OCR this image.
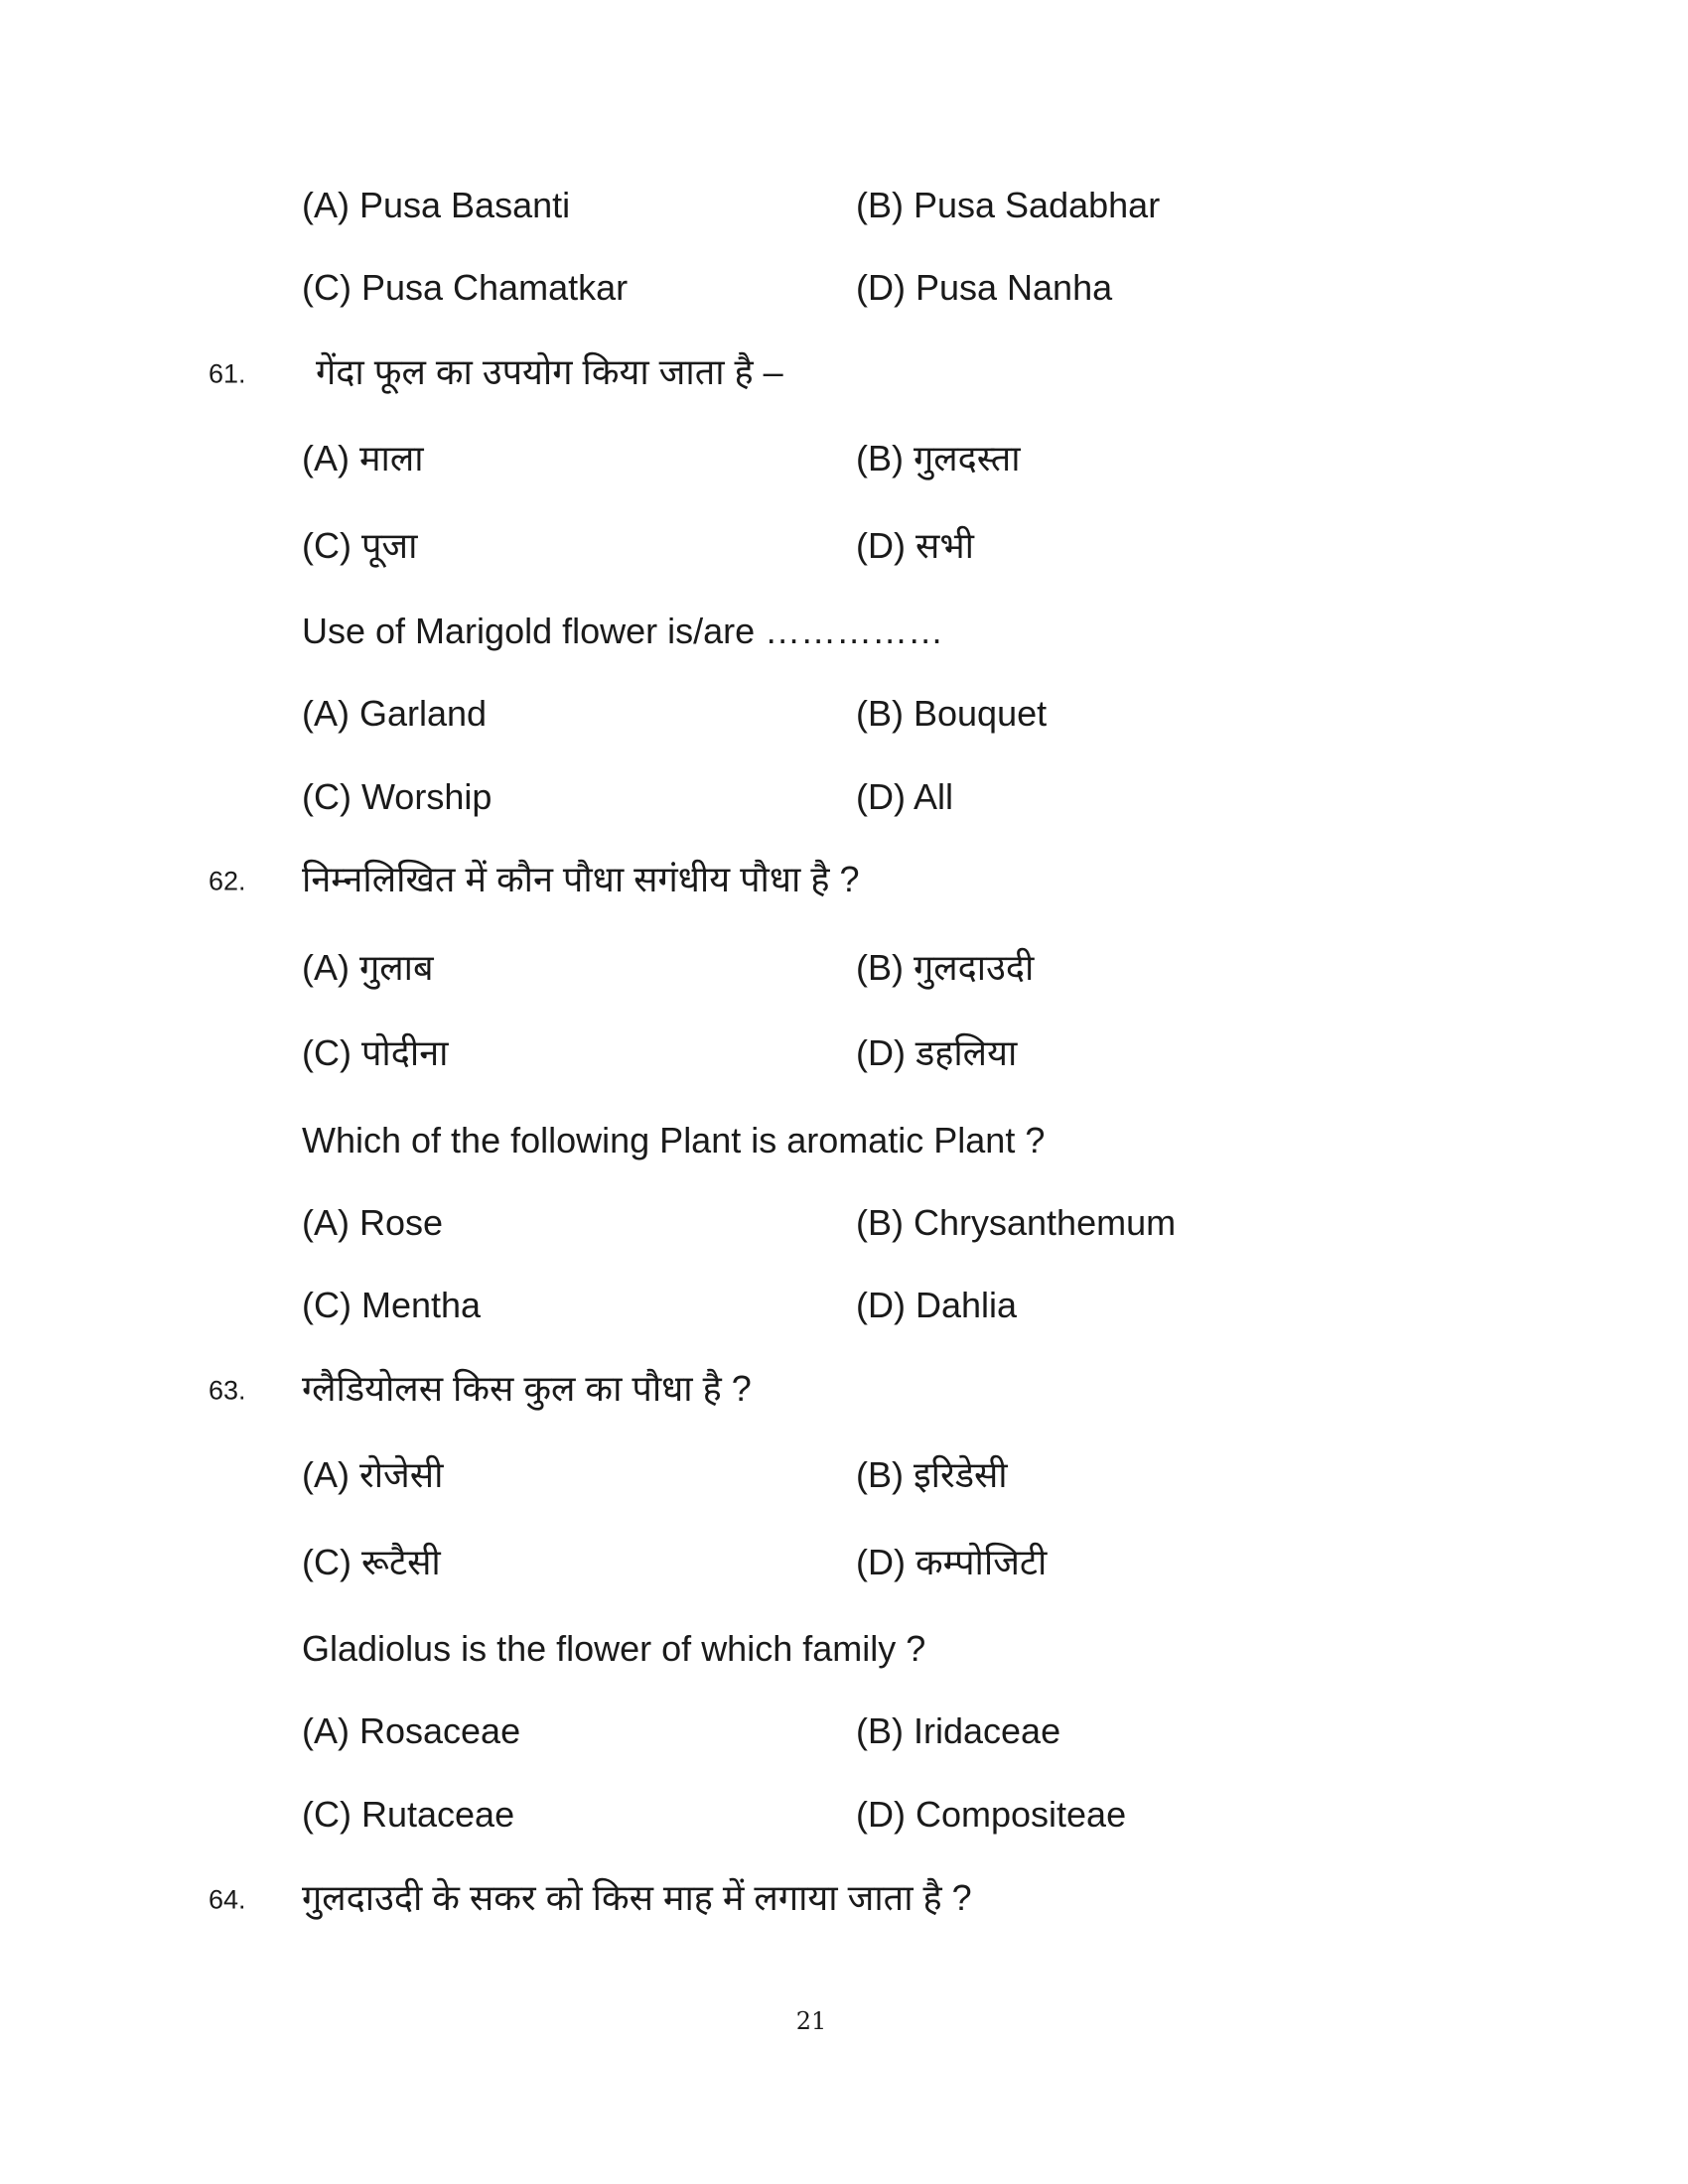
(A) Pusa Basanti	(B) Pusa Sadabhar
(C) Pusa Chamatkar	(D) Pusa Nanha
61. गेंदा फूल का उपयोग किया जाता है –
(A) माला	(B) गुलदस्ता
(C) पूजा	(D) सभी
Use of Marigold flower is/are ……………
(A) Garland	(B) Bouquet
(C) Worship	(D) All
62. निम्नलिखित में कौन पौधा सगंधीय पौधा है ?
(A) गुलाब	(B) गुलदाउदी
(C) पोदीना	(D) डहलिया
Which of the following Plant is aromatic Plant ?
(A) Rose	(B) Chrysanthemum
(C) Mentha	(D) Dahlia
63. ग्लैडियोलस किस कुल का पौधा है ?
(A) रोजेसी	(B) इरिडेसी
(C) रूटैसी	(D) कम्पोजिटी
Gladiolus is the flower of which family ?
(A) Rosaceae	(B) Iridaceae
(C) Rutaceae	(D) Compositeae
64. गुलदाउदी के सकर को किस माह में लगाया जाता है ?
21
